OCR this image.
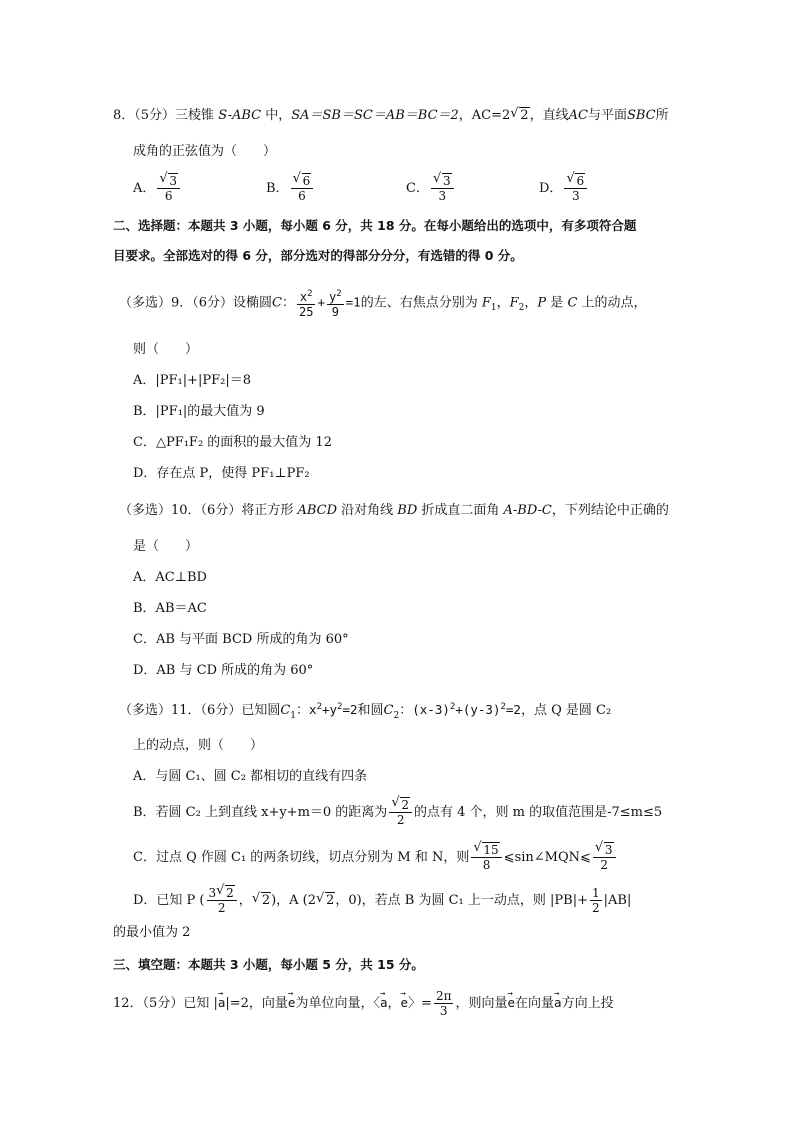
8．（5分）三棱锥 S-ABC 中，SA＝SB＝SC＝AB＝BC＝2，AC=2 √ 2，直线AC与平面SBC所
成角的正弦值为（　　）
A． √ $\frac{3}{6}$	B． √ $\frac{6}{6}$	C． √ $\frac{3}{3}$	D． √ $\frac{6}{3}$
二、选择题：本题共 3 小题，每小题 6 分，共 18 分。在每小题给出的选项中，有多项符合题
目要求。全部选对的得 6 分，部分选对的得部分分分，有选错的得 0 分。
（多选）9．（6分）设椭圆C： $\frac{x^2}{25} + \frac{y^2}{9} =1$的左、右焦点分别为 $F_1$，$F_2$，P 是 C 上的动点，
则（　　）
A．|PF₁|+|PF₂|＝8
B．|PF₁|的最大值为 9
C．△PF₁F₂ 的面积的最大值为 12
D．存在点 P，使得 PF₁⊥PF₂
（多选）10．（6分）将正方形 ABCD 沿对角线 BD 折成直二面角 A-BD-C，下列结论中正确的
是（　　）
A．AC⊥BD
B．AB＝AC
C．AB 与平面 BCD 所成的角为 60°
D．AB 与 CD 所成的角为 60°
（多选）11．（6分）已知圆$C_1$：$x^2+y^2=2$和圆$C_2$：$(x-3)^2+(y-3)^2=2$，点 Q 是圆 C₂
上的动点，则（　　）
A．与圆 C₁、圆 C₂ 都相切的直线有四条
B．若圆 C₂ 上到直线 x+y+m＝0 的距离为 √ $\frac{2}{2}$ 的点有 4 个，则 m 的取值范围是-7≤m≤5
C．过点 Q 作圆 C₁ 的两条切线，切点分别为 M 和 N，则 √ $\frac{15}{8}$ ⩽sin∠MQN⩽ √ $\frac{3}{2}$
D．已知 P ( $\frac{3 √ 2}{2}$ ， √ 2)，A (2 √ 2，0)，若点 B 为圆 C₁ 上一动点，则 $|PB|+ \frac{1}{2} |AB|$
的最小值为 2
三、填空题：本题共 3 小题，每小题 5 分，共 15 分。
12．（5分）已知 |→ a|=2，向量→ e为单位向量，〈→ a，→ e〉= $\frac{2\pi}{3}$ ，则向量→ e在向量→ a方向上投
